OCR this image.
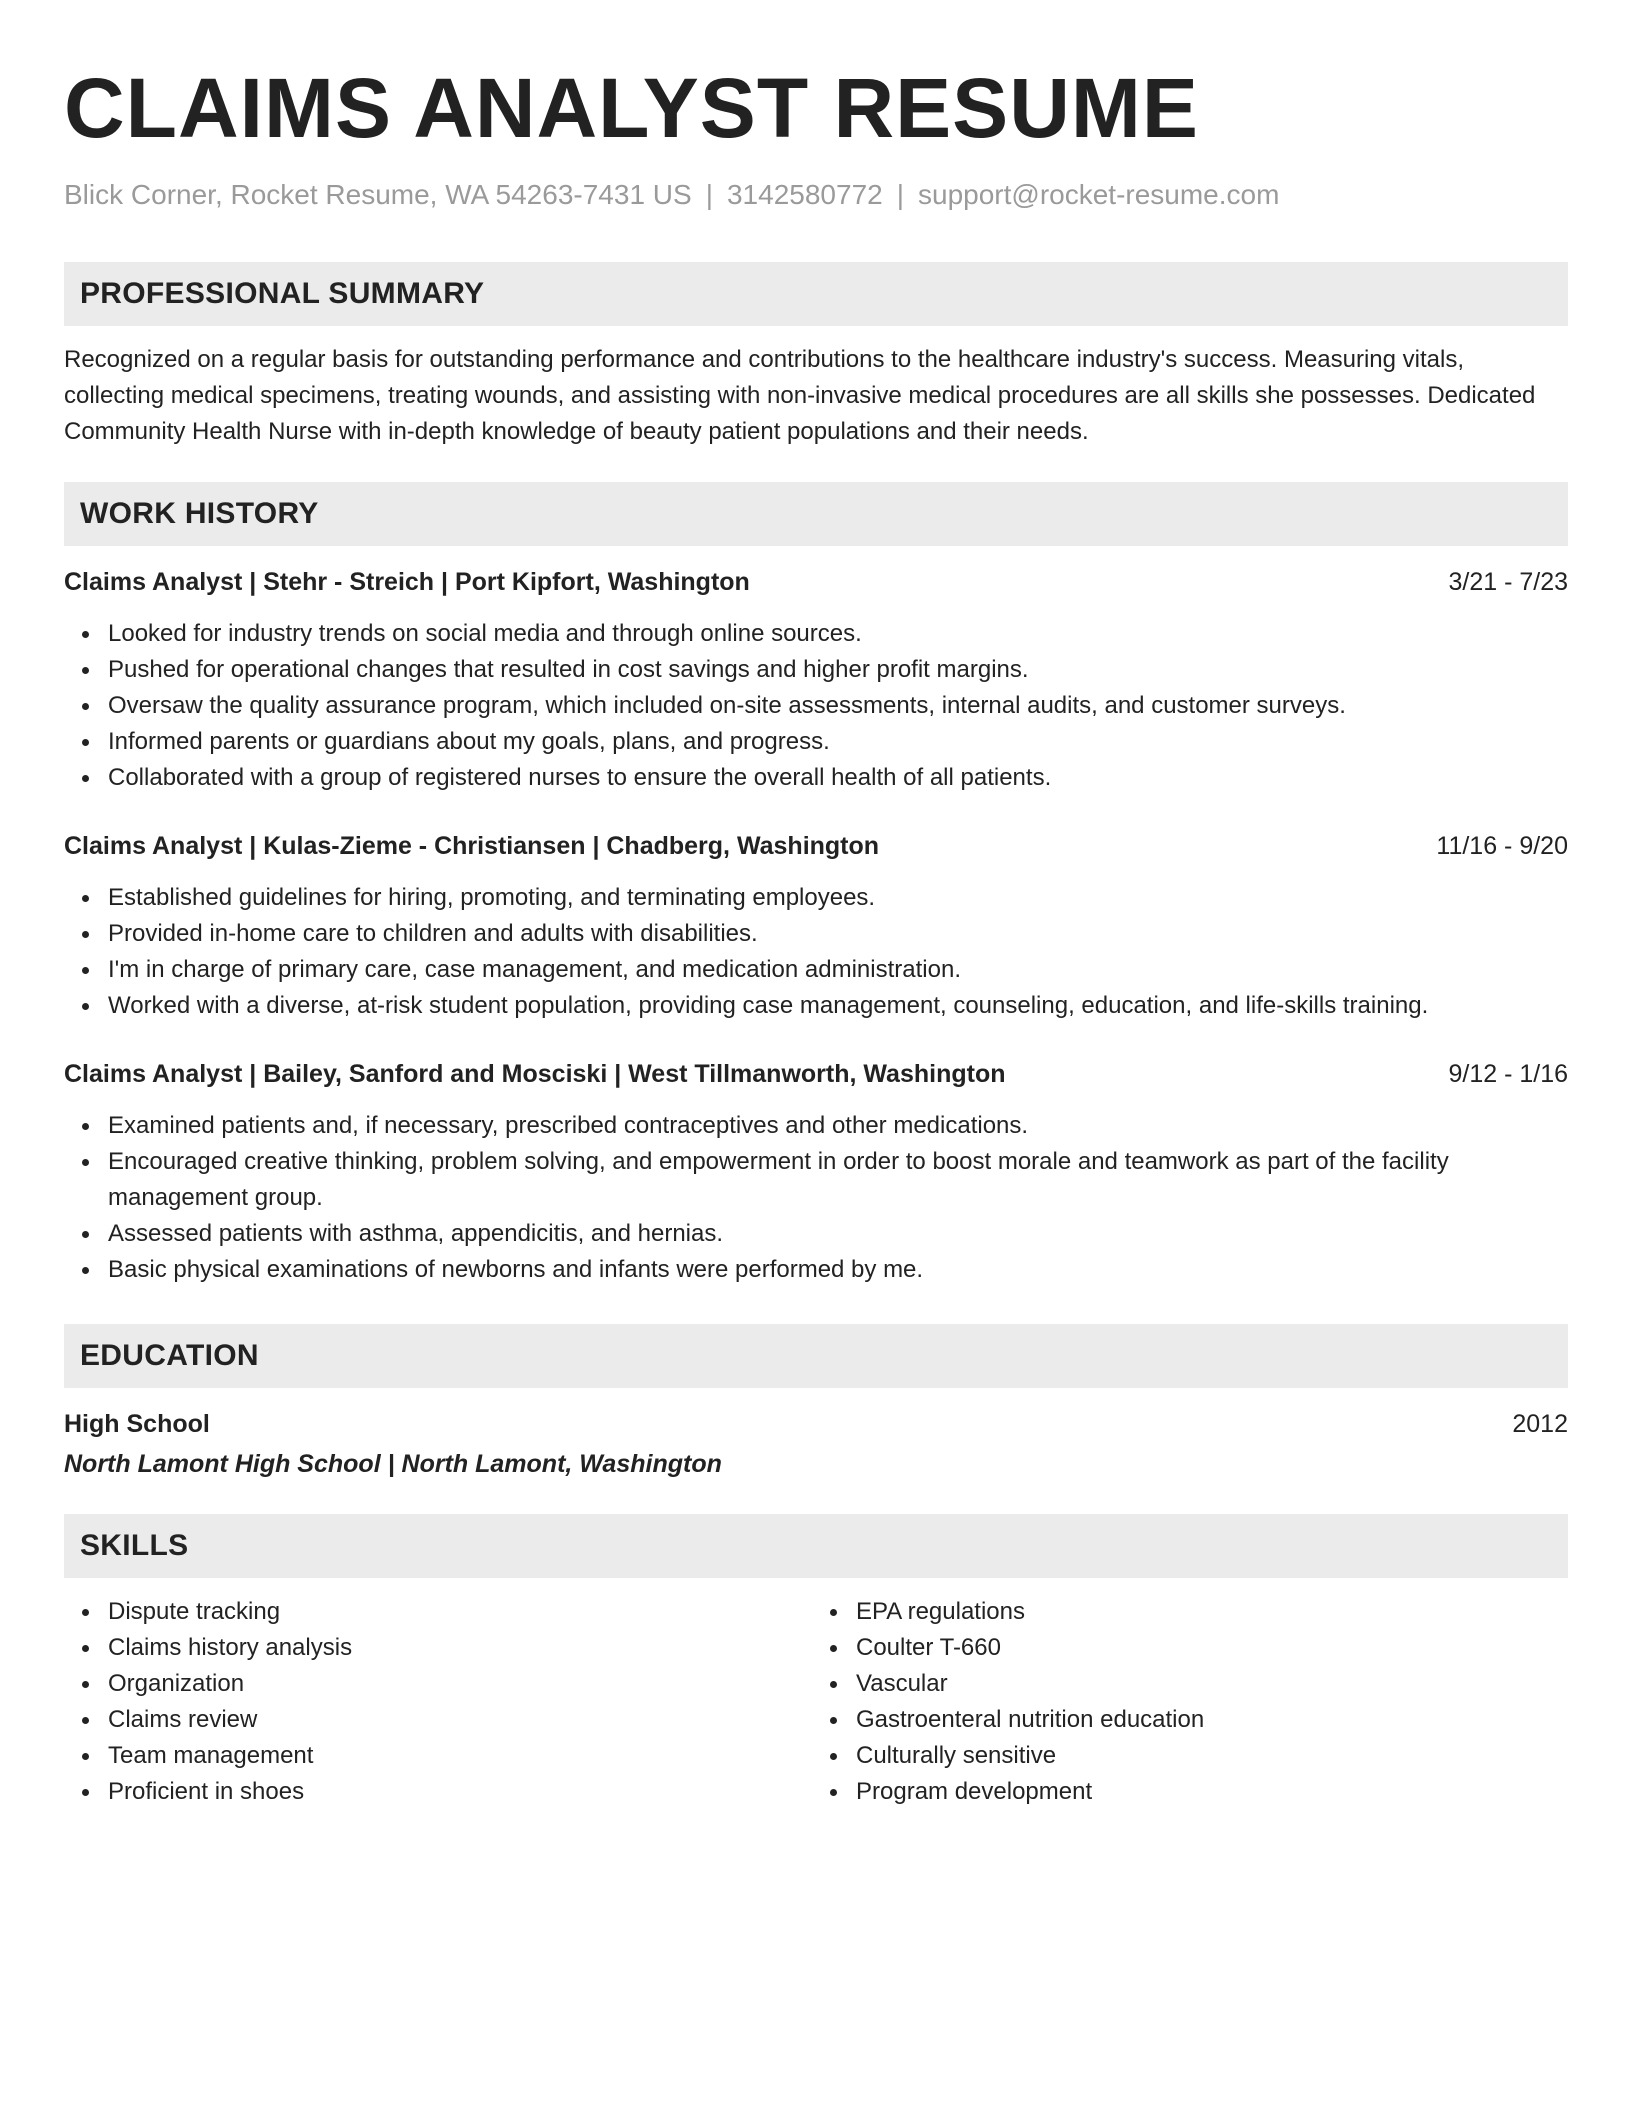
CLAIMS ANALYST RESUME
Blick Corner, Rocket Resume, WA 54263-7431 US | 3142580772 | support@rocket-resume.com
PROFESSIONAL SUMMARY

Recognized on a regular basis for outstanding performance and contributions to the healthcare industry's success. Measuring vitals, collecting medical specimens, treating wounds, and assisting with non-invasive medical procedures are all skills she possesses. Dedicated Community Health Nurse with in-depth knowledge of beauty patient populations and their needs.

WORK HISTORY
Claims Analyst | Stehr - Streich | Port Kipfort, Washington	3/21 - 7/23
Looked for industry trends on social media and through online sources.
Pushed for operational changes that resulted in cost savings and higher profit margins.
Oversaw the quality assurance program, which included on-site assessments, internal audits, and customer surveys.
Informed parents or guardians about my goals, plans, and progress.
Collaborated with a group of registered nurses to ensure the overall health of all patients.
Claims Analyst | Kulas-Zieme - Christiansen | Chadberg, Washington	11/16 - 9/20
Established guidelines for hiring, promoting, and terminating employees.
Provided in-home care to children and adults with disabilities.
I'm in charge of primary care, case management, and medication administration.
Worked with a diverse, at-risk student population, providing case management, counseling, education, and life-skills training.
Claims Analyst | Bailey, Sanford and Mosciski | West Tillmanworth, Washington	9/12 - 1/16
Examined patients and, if necessary, prescribed contraceptives and other medications.
Encouraged creative thinking, problem solving, and empowerment in order to boost morale and teamwork as part of the facility management group.
Assessed patients with asthma, appendicitis, and hernias.
Basic physical examinations of newborns and infants were performed by me.
EDUCATION
High School	2012
North Lamont High School | North Lamont, Washington
SKILLS
Dispute tracking
Claims history analysis
Organization
Claims review
Team management
Proficient in shoes
EPA regulations
Coulter T-660
Vascular
Gastroenteral nutrition education
Culturally sensitive
Program development
